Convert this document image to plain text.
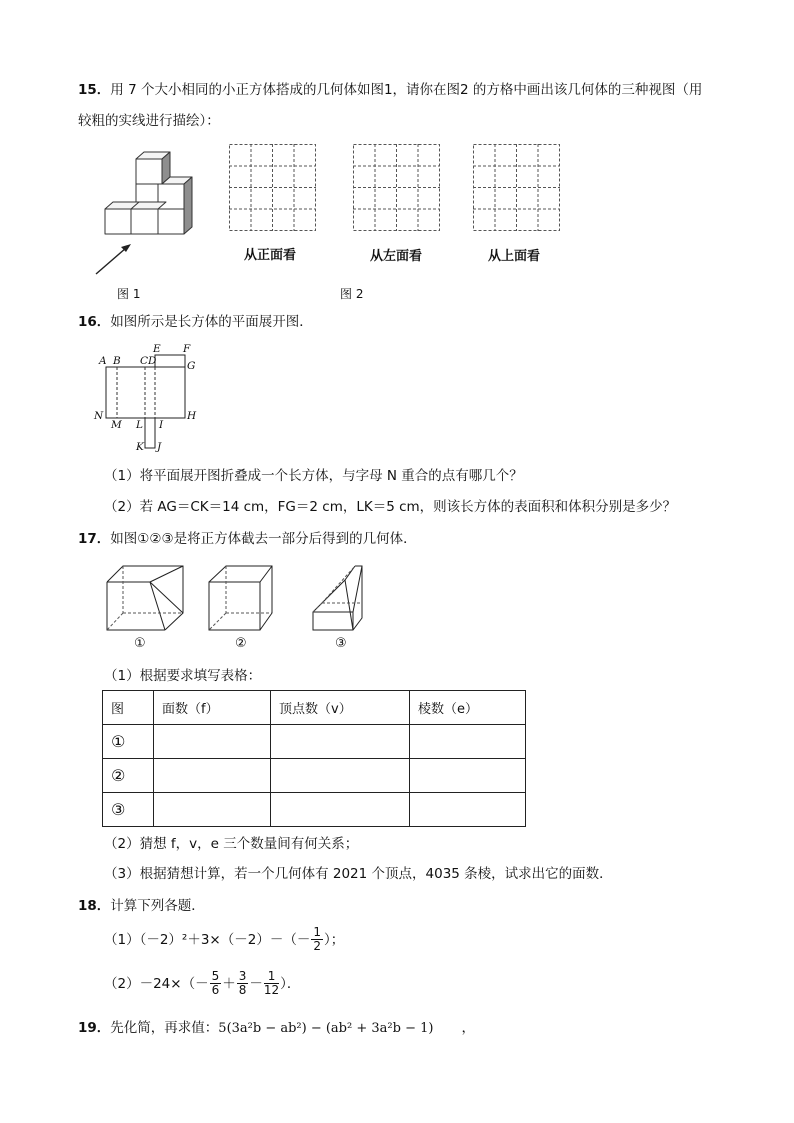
15．用 7 个大小相同的小正方体搭成的几何体如图1，请你在图2 的方格中画出该几何体的三种视图（用
较粗的实线进行描绘）：
图 1
从正面看	从左面看	从上面看
图 2
16．如图所示是长方体的平面展开图．
A B C D
E F
G
H
N
M L I
K J
（1）将平面展开图折叠成一个长方体，与字母 N 重合的点有哪几个？
（2）若 AG＝CK＝14 cm，FG＝2 cm，LK＝5 cm，则该长方体的表面积和体积分别是多少？
17．如图①②③是将正方体截去一部分后得到的几何体．
①	②	③
（1）根据要求填写表格：
图	面数（f）	顶点数（v）	棱数（e）
①			
②			
③			
（2）猜想 f，v，e 三个数量间有何关系；
（3）根据猜想计算，若一个几何体有 2021 个顶点，4035 条棱，试求出它的面数．
18．计算下列各题．
$(1)(-2)^2+3\times(-2)-(- \frac{1}{2}$ ）；
$(2)-24\times(- \frac{5}{6} + \frac{3}{8} - \frac{1}{12}$ ）．
19．先化简，再求值：5(3a²b − ab²) − (ab² + 3a²b − 1) ，
